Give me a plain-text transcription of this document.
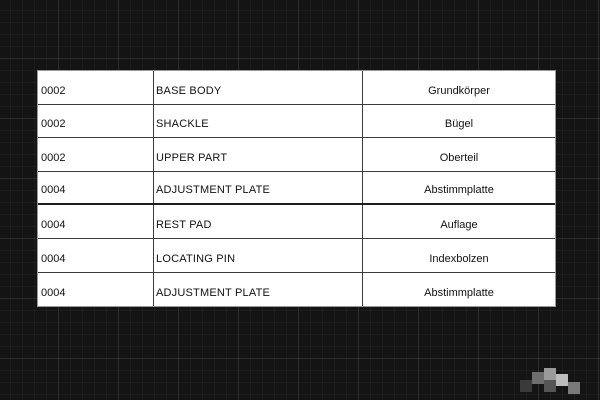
0002	BASE BODY	Grundkörper
0002	SHACKLE	Bügel
0002	UPPER PART	Oberteil
0004	ADJUSTMENT PLATE	Abstimmplatte
0004	REST PAD	Auflage
0004	LOCATING PIN	Indexbolzen
0004	ADJUSTMENT PLATE	Abstimmplatte
